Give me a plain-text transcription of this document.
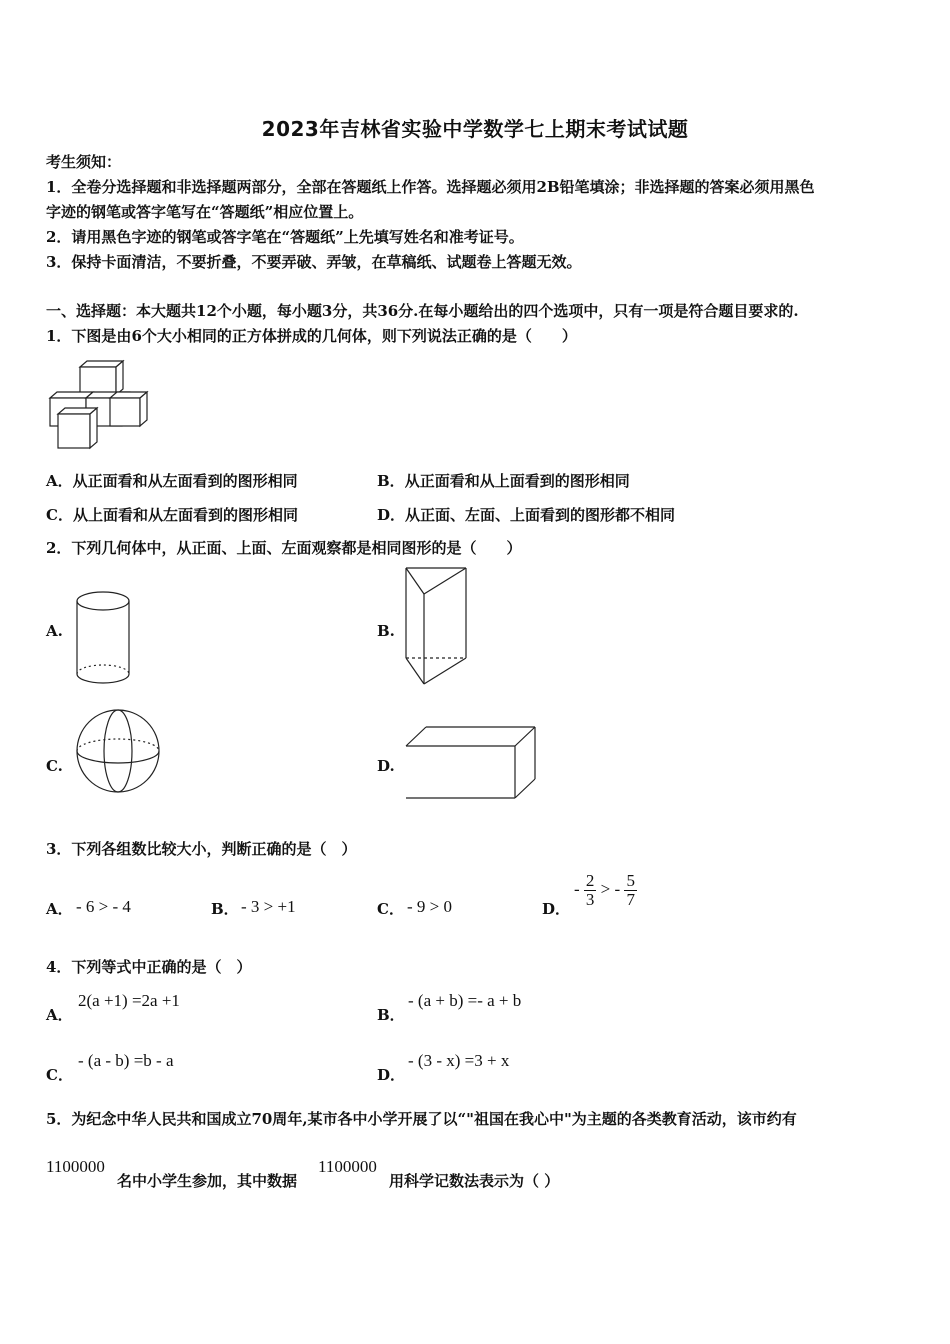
2023年吉林省实验中学数学七上期末考试试题
考生须知：
1．全卷分选择题和非选择题两部分，全部在答题纸上作答。选择题必须用2B铅笔填涂；非选择题的答案必须用黑色
字迹的钢笔或答字笔写在“答题纸”相应位置上。
2．请用黑色字迹的钢笔或答字笔在“答题纸”上先填写姓名和准考证号。
3．保持卡面清洁，不要折叠，不要弄破、弄皱，在草稿纸、试题卷上答题无效。
一、选择题：本大题共12个小题，每小题3分，共36分.在每小题给出的四个选项中，只有一项是符合题目要求的.
1．下图是由6个大小相同的正方体拼成的几何体，则下列说法正确的是（　　）
A．从正面看和从左面看到的图形相同	B．从正面看和从上面看到的图形相同
C．从上面看和从左面看到的图形相同	D．从正面、左面、上面看到的图形都不相同
2．下列几何体中，从正面、上面、左面观察都是相同图形的是（　　）
A.	B.
C.	D.
3．下列各组数比较大小，判断正确的是（　）
A． - 6 > - 4	B． - 3 > +1	C． - 9 > 0	D．
- $\frac{2}{3}$ > - $\frac{5}{7}$
4．下列等式中正确的是（　）
A．
2(a +1) =2a +1
B．
- (a + b) =- a + b
C．
- (a - b) =b - a
D．
- (3 - x) =3 + x
5．为纪念中华人民共和国成立70周年,某市各中小学开展了以“"祖国在我心中"为主题的各类教育活动，该市约有
1100000
名中小学生参加，其中数据
1100000
用科学记数法表示为（ ）
